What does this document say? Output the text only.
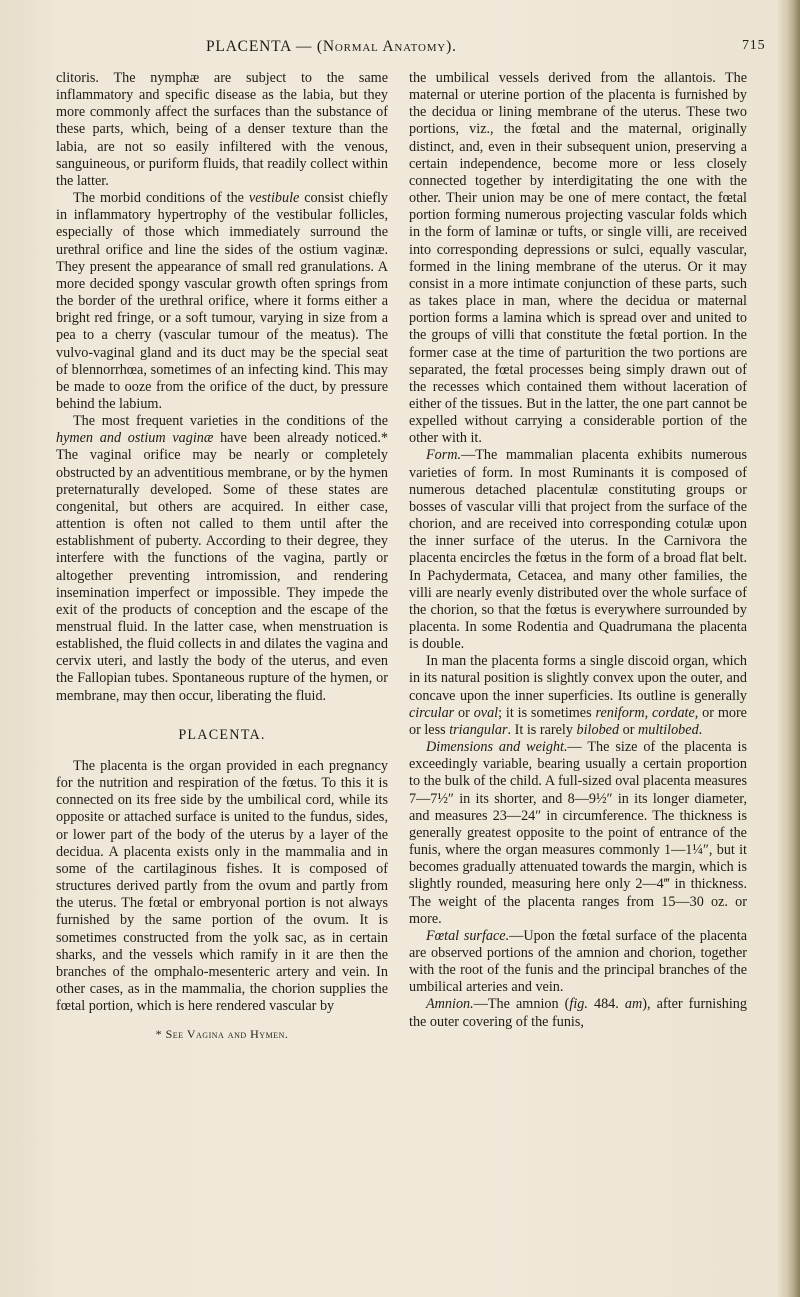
PLACENTA — (Normal Anatomy).	715

clitoris. The nymphæ are subject to the same inflammatory and specific disease as the labia, but they more commonly affect the surfaces than the substance of these parts, which, being of a denser texture than the labia, are not so easily infiltered with the venous, sanguineous, or puriform fluids, that readily collect within the latter.

The morbid conditions of the vestibule consist chiefly in inflammatory hypertrophy of the vestibular follicles, especially of those which immediately surround the urethral orifice and line the sides of the ostium vaginæ. They present the appearance of small red granulations. A more decided spongy vascular growth often springs from the border of the urethral orifice, where it forms either a bright red fringe, or a soft tumour, varying in size from a pea to a cherry (vascular tumour of the meatus). The vulvo-vaginal gland and its duct may be the special seat of blennorrhœa, sometimes of an infecting kind. This may be made to ooze from the orifice of the duct, by pressure behind the labium.

The most frequent varieties in the conditions of the hymen and ostium vaginæ have been already noticed.* The vaginal orifice may be nearly or completely obstructed by an adventitious membrane, or by the hymen preternaturally developed. Some of these states are congenital, but others are acquired. In either case, attention is often not called to them until after the establishment of puberty. According to their degree, they interfere with the functions of the vagina, partly or altogether preventing intromission, and rendering insemination imperfect or impossible. They impede the exit of the products of conception and the escape of the menstrual fluid. In the latter case, when menstruation is established, the fluid collects in and dilates the vagina and cervix uteri, and lastly the body of the uterus, and even the Fallopian tubes. Spontaneous rupture of the hymen, or membrane, may then occur, liberating the fluid.

PLACENTA.

The placenta is the organ provided in each pregnancy for the nutrition and respiration of the fœtus. To this it is connected on its free side by the umbilical cord, while its opposite or attached surface is united to the fundus, sides, or lower part of the body of the uterus by a layer of the decidua. A placenta exists only in the mammalia and in some of the cartilaginous fishes. It is composed of structures derived partly from the ovum and partly from the uterus. The fœtal or embryonal portion is not always furnished by the same portion of the ovum. It is sometimes constructed from the yolk sac, as in certain sharks, and the vessels which ramify in it are then the branches of the omphalo-mesenteric artery and vein. In other cases, as in the mammalia, the chorion supplies the fœtal portion, which is here rendered vascular by

* See Vagina and Hymen.

the umbilical vessels derived from the allantois. The maternal or uterine portion of the placenta is furnished by the decidua or lining membrane of the uterus. These two portions, viz., the fœtal and the maternal, originally distinct, and, even in their subsequent union, preserving a certain independence, become more or less closely connected together by interdigitating the one with the other. Their union may be one of mere contact, the fœtal portion forming numerous projecting vascular folds which in the form of laminæ or tufts, or single villi, are received into corresponding depressions or sulci, equally vascular, formed in the lining membrane of the uterus. Or it may consist in a more intimate conjunction of these parts, such as takes place in man, where the decidua or maternal portion forms a lamina which is spread over and united to the groups of villi that constitute the fœtal portion. In the former case at the time of parturition the two portions are separated, the fœtal processes being simply drawn out of the recesses which contained them without laceration of either of the tissues. But in the latter, the one part cannot be expelled without carrying a considerable portion of the other with it.

Form.—The mammalian placenta exhibits numerous varieties of form. In most Ruminants it is composed of numerous detached placentulæ constituting groups or bosses of vascular villi that project from the surface of the chorion, and are received into corresponding cotulæ upon the inner surface of the uterus. In the Carnivora the placenta encircles the fœtus in the form of a broad flat belt. In Pachydermata, Cetacea, and many other families, the villi are nearly evenly distributed over the whole surface of the chorion, so that the fœtus is everywhere surrounded by placenta. In some Rodentia and Quadrumana the placenta is double.

In man the placenta forms a single discoid organ, which in its natural position is slightly convex upon the outer, and concave upon the inner superficies. Its outline is generally circular or oval; it is sometimes reniform, cordate, or more or less triangular. It is rarely bilobed or multilobed.

Dimensions and weight.— The size of the placenta is exceedingly variable, bearing usually a certain proportion to the bulk of the child. A full-sized oval placenta measures 7—7½″ in its shorter, and 8—9½″ in its longer diameter, and measures 23—24″ in circumference. The thickness is generally greatest opposite to the point of entrance of the funis, where the organ measures commonly 1—1¼″, but it becomes gradually attenuated towards the margin, which is slightly rounded, measuring here only 2—4‴ in thickness. The weight of the placenta ranges from 15—30 oz. or more.

Fœtal surface.—Upon the fœtal surface of the placenta are observed portions of the amnion and chorion, together with the root of the funis and the principal branches of the umbilical arteries and vein.

Amnion.—The amnion (fig. 484. am), after furnishing the outer covering of the funis,
